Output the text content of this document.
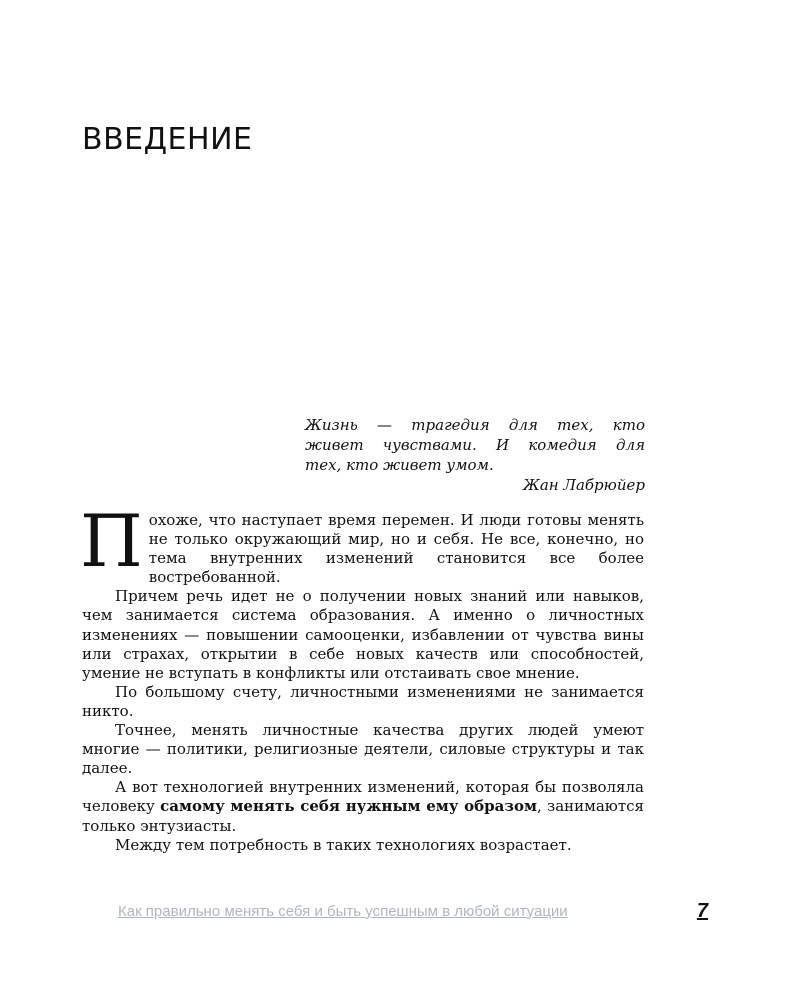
ВВЕДЕНИЕ
Жизнь — трагедия для тех, кто
живет чувствами. И комедия для
тех, кто живет умом.
Жан Лабрюйер

Похоже, что наступает время перемен. И люди готовы менять не только окружающий мир, но и себя. Не все, конечно, но тема внутренних изменений становится все более востребованной.

Причем речь идет не о получении новых знаний или навыков, чем занимается система образования. А именно о личностных изменениях — повышении самооценки, избавлении от чувства вины или страхах, открытии в себе новых качеств или способностей, умение не вступать в конфликты или отстаивать свое мнение.

По большому счету, личностными изменениями не занимается никто.

Точнее, менять личностные качества других людей умеют многие — политики, религиозные деятели, силовые структуры и так далее.

А вот технологией внутренних изменений, которая бы позволяла человеку самому менять себя нужным ему образом, занимаются только энтузиасты.

Между тем потребность в таких технологиях возрастает.

Как правильно менять себя и быть успешным в любой ситуации	7
